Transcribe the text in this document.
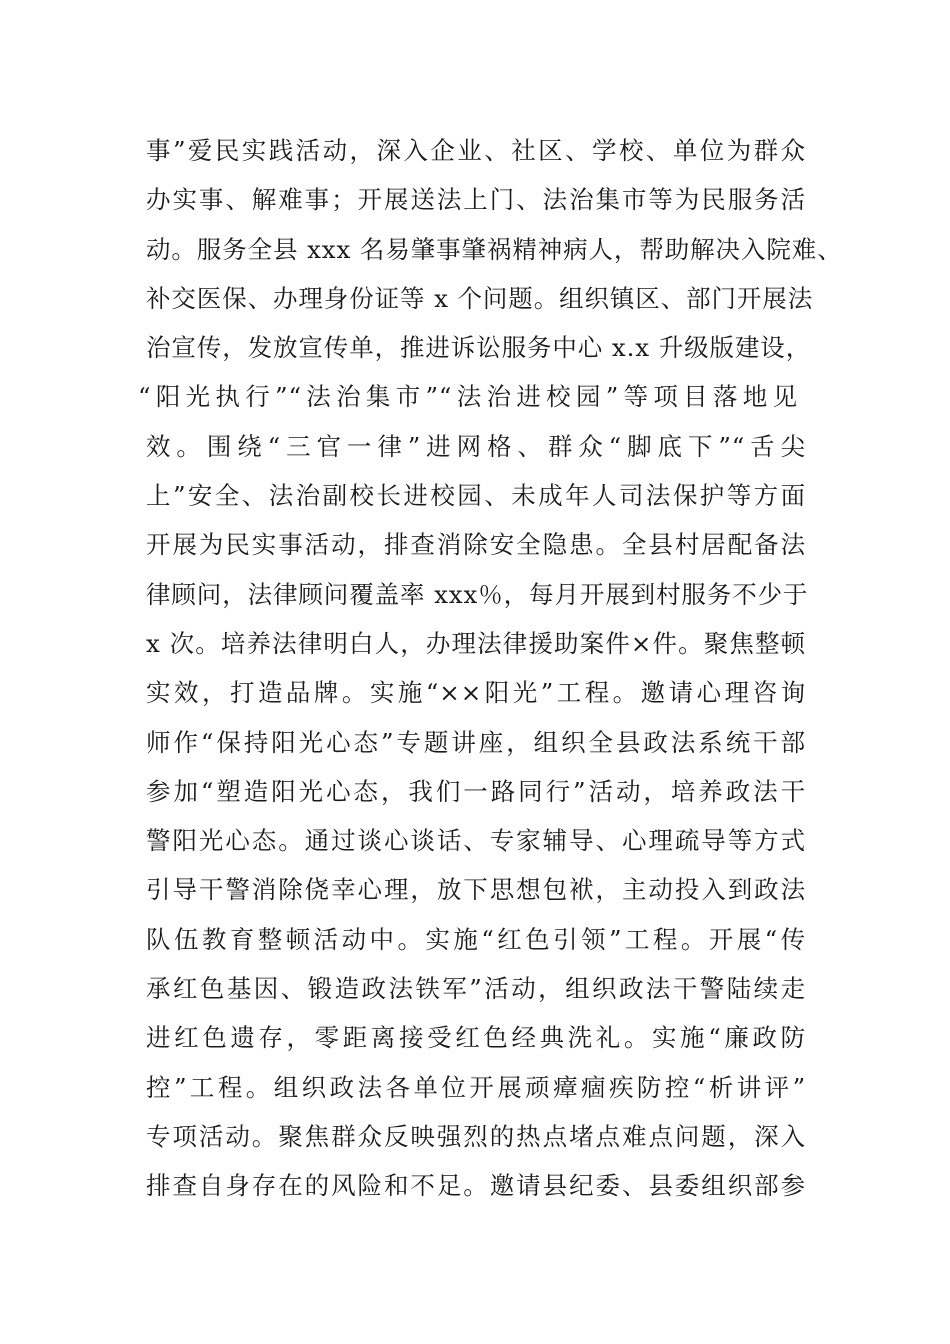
事”爱民实践活动，深入企业、社区、学校、单位为群众
办实事、解难事；开展送法上门、法治集市等为民服务活
动。服务全县 xxx 名易肇事肇祸精神病人，帮助解决入院难、
补交医保、办理身份证等 x 个问题。组织镇区、部门开展法
治宣传，发放宣传单，推进诉讼服务中心 x.x 升级版建设，
“阳光执行”“法治集市”“法治进校园”等项目落地见
效。围绕“三官一律”进网格、群众“脚底下”“舌尖
上”安全、法治副校长进校园、未成年人司法保护等方面
开展为民实事活动，排查消除安全隐患。全县村居配备法
律顾问，法律顾问覆盖率 xxx％，每月开展到村服务不少于
x 次。培养法律明白人，办理法律援助案件×件。聚焦整顿
实效，打造品牌。实施“××阳光”工程。邀请心理咨询
师作“保持阳光心态”专题讲座，组织全县政法系统干部
参加“塑造阳光心态，我们一路同行”活动，培养政法干
警阳光心态。通过谈心谈话、专家辅导、心理疏导等方式
引导干警消除侥幸心理，放下思想包袱，主动投入到政法
队伍教育整顿活动中。实施“红色引领”工程。开展“传
承红色基因、锻造政法铁军”活动，组织政法干警陆续走
进红色遗存，零距离接受红色经典洗礼。实施“廉政防
控”工程。组织政法各单位开展顽瘴痼疾防控“析讲评”
专项活动。聚焦群众反映强烈的热点堵点难点问题，深入
排查自身存在的风险和不足。邀请县纪委、县委组织部参
